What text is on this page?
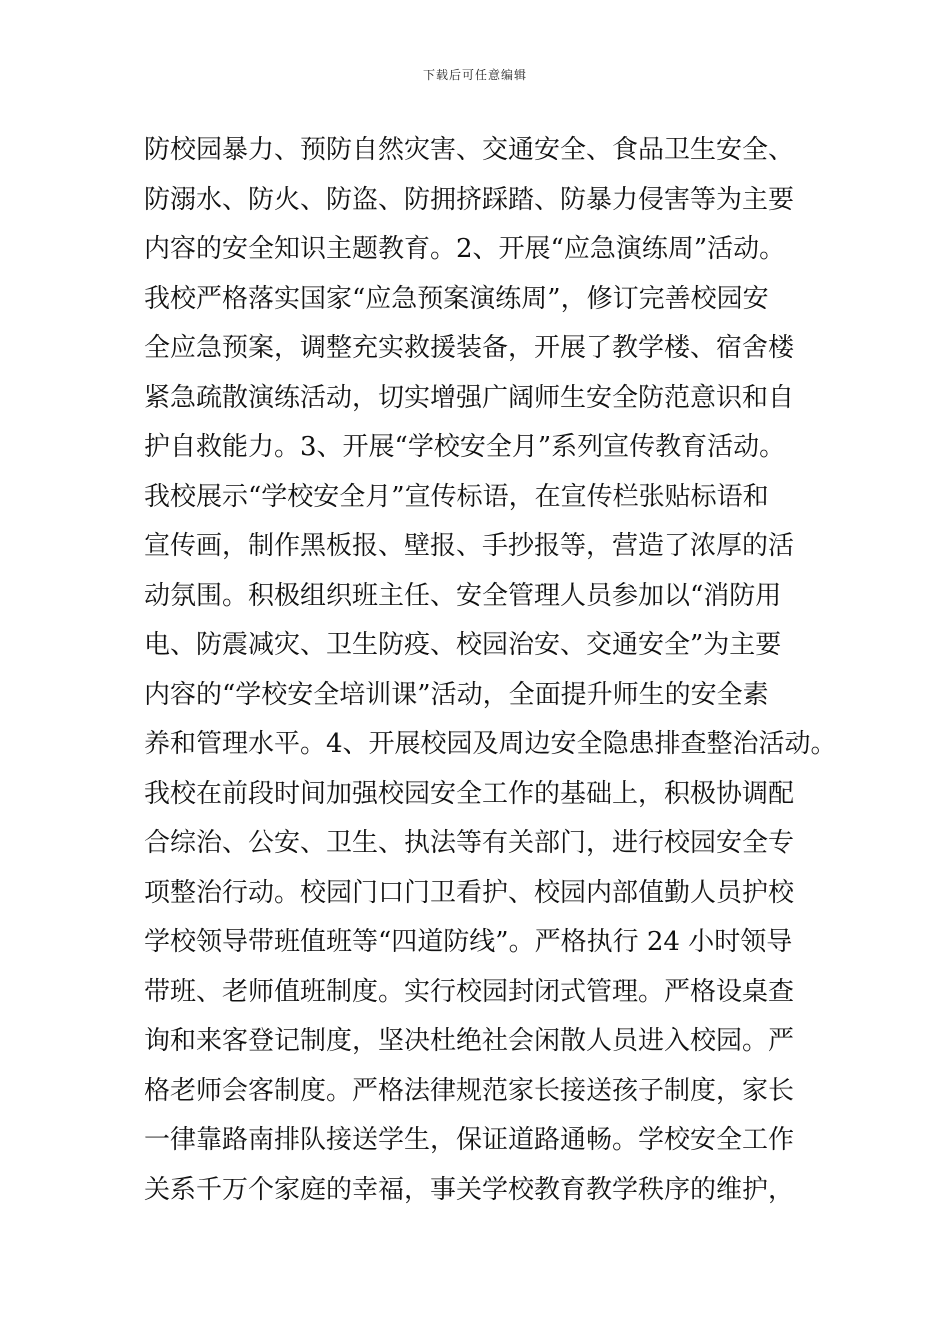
下载后可任意编辑
防校园暴力、预防自然灾害、交通安全、食品卫生安全、
防溺水、防火、防盗、防拥挤踩踏、防暴力侵害等为主要
内容的安全知识主题教育。2、开展“应急演练周”活动。
我校严格落实国家“应急预案演练周”，修订完善校园安
全应急预案，调整充实救援装备，开展了教学楼、宿舍楼
紧急疏散演练活动，切实增强广阔师生安全防范意识和自
护自救能力。3、开展“学校安全月”系列宣传教育活动。
我校展示“学校安全月”宣传标语，在宣传栏张贴标语和
宣传画，制作黑板报、壁报、手抄报等，营造了浓厚的活
动氛围。积极组织班主任、安全管理人员参加以“消防用
电、防震减灾、卫生防疫、校园治安、交通安全”为主要
内容的“学校安全培训课”活动，全面提升师生的安全素
养和管理水平。4、开展校园及周边安全隐患排查整治活动。
我校在前段时间加强校园安全工作的基础上，积极协调配
合综治、公安、卫生、执法等有关部门，进行校园安全专
项整治行动。校园门口门卫看护、校园内部值勤人员护校
学校领导带班值班等“四道防线”。严格执行 24 小时领导
带班、老师值班制度。实行校园封闭式管理。严格设桌查
询和来客登记制度，坚决杜绝社会闲散人员进入校园。严
格老师会客制度。严格法律规范家长接送孩子制度，家长
一律靠路南排队接送学生，保证道路通畅。学校安全工作
关系千万个家庭的幸福，事关学校教育教学秩序的维护，
